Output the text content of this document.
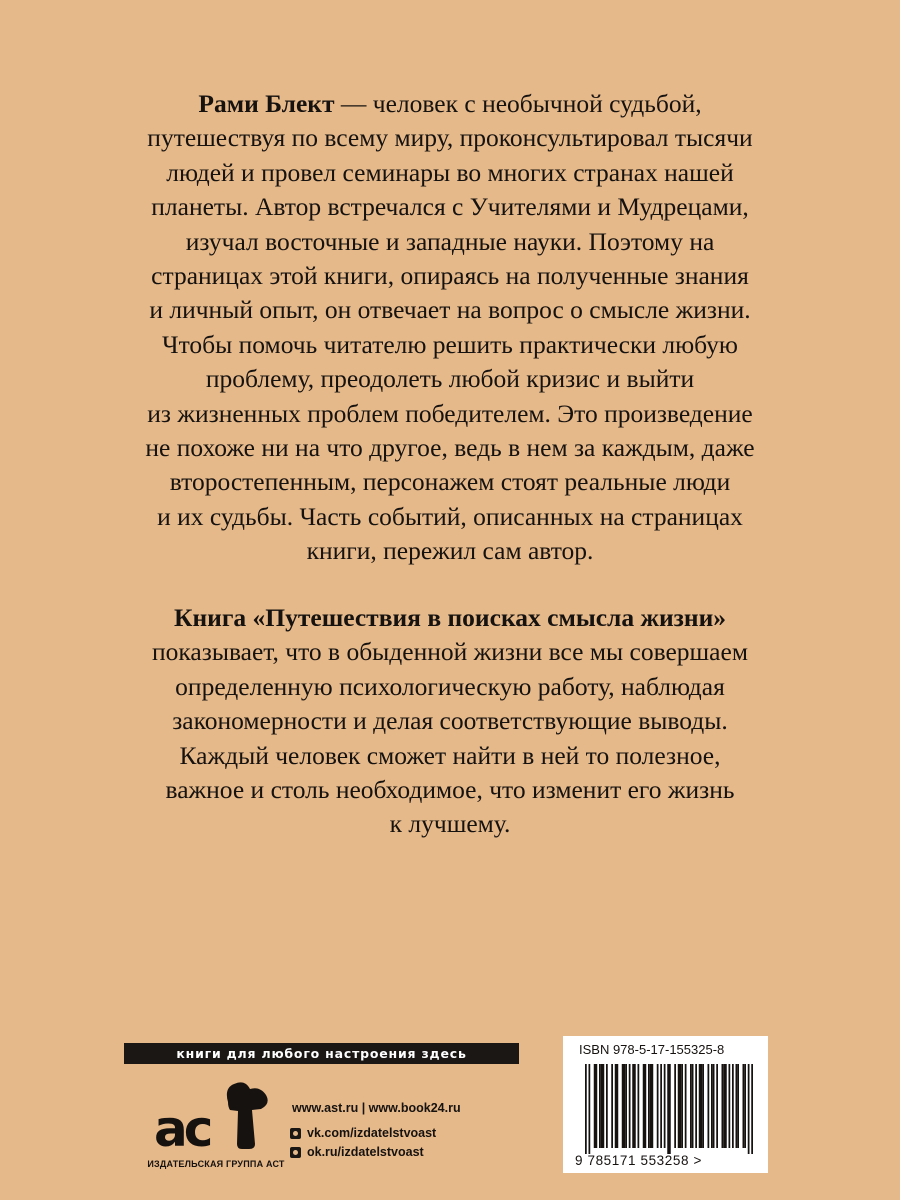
Рами Блект — человек с необычной судьбой,
путешествуя по всему миру, проконсультировал тысячи
людей и провел семинары во многих странах нашей
планеты. Автор встречался с Учителями и Мудрецами,
изучал восточные и западные науки. Поэтому на
страницах этой книги, опираясь на полученные знания
и личный опыт, он отвечает на вопрос о смысле жизни.
Чтобы помочь читателю решить практически любую
проблему, преодолеть любой кризис и выйти
из жизненных проблем победителем. Это произведение
не похоже ни на что другое, ведь в нем за каждым, даже
второстепенным, персонажем стоят реальные люди
и их судьбы. Часть событий, описанных на страницах
книги, пережил сам автор.
Книга «Путешествия в поисках смысла жизни»
показывает, что в обыденной жизни все мы совершаем
определенную психологическую работу, наблюдая
закономерности и делая соответствующие выводы.
Каждый человек сможет найти в ней то полезное,
важное и столь необходимое, что изменит его жизнь
к лучшему.
книги для любого настроения здесь
ac
ИЗДАТЕЛЬСКАЯ ГРУППА АСТ
www.ast.ru | www.book24.ru
vk.com/izdatelstvoast
ok.ru/izdatelstvoast
ISBN 978-5-17-155325-8
9 785171 553258 >
